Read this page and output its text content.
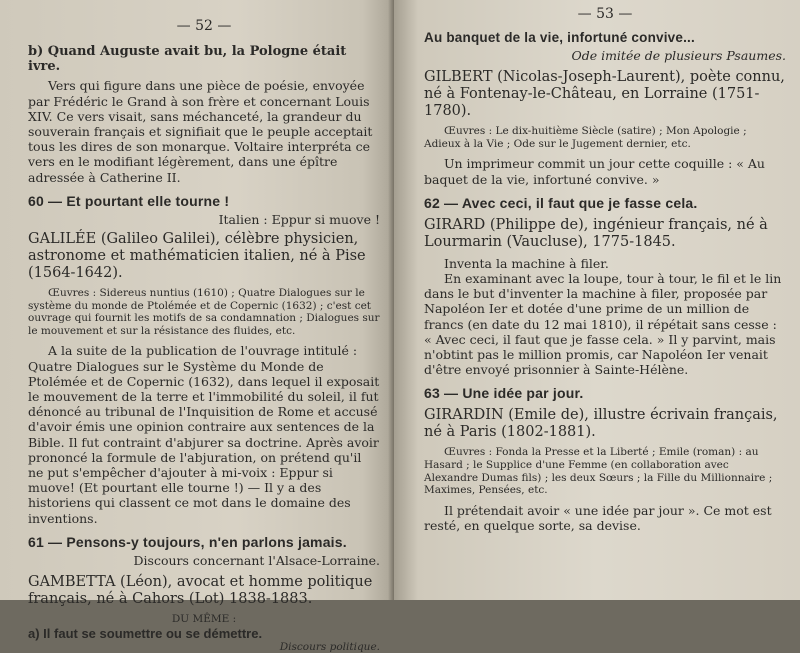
— 52 —

b) Quand Auguste avait bu, la Pologne était ivre.

Vers qui figure dans une pièce de poésie, envoyée par Frédéric le Grand à son frère et concernant Louis XIV. Ce vers visait, sans méchanceté, la grandeur du souverain français et signifiait que le peuple acceptait tous les dires de son monarque. Voltaire interpréta ce vers en le modifiant légèrement, dans une épître adressée à Catherine II.

60 — Et pourtant elle tourne !

Italien : Eppur si muove !

GALILÉE (Galileo Galilei), célèbre physicien, astronome et mathématicien italien, né à Pise (1564-1642).

Œuvres : Sidereus nuntius (1610) ; Quatre Dialogues sur le système du monde de Ptolémée et de Copernic (1632) ; c'est cet ouvrage qui fournit les motifs de sa condamnation ; Dialogues sur le mouvement et sur la résistance des fluides, etc.

A la suite de la publication de l'ouvrage intitulé : Quatre Dialogues sur le Système du Monde de Ptolémée et de Copernic (1632), dans lequel il exposait le mouvement de la terre et l'immobilité du soleil, il fut dénoncé au tribunal de l'Inquisition de Rome et accusé d'avoir émis une opinion contraire aux sentences de la Bible. Il fut contraint d'abjurer sa doctrine. Après avoir prononcé la formule de l'abjuration, on prétend qu'il ne put s'empêcher d'ajouter à mi-voix : Eppur si muove! (Et pourtant elle tourne !) — Il y a des historiens qui classent ce mot dans le domaine des inventions.

61 — Pensons-y toujours, n'en parlons jamais.

Discours concernant l'Alsace-Lorraine.

GAMBETTA (Léon), avocat et homme politique français, né à Cahors (Lot) 1838-1883.

DU MÊME :

a) Il faut se soumettre ou se démettre.

Discours politique.

— 53 —

Au banquet de la vie, infortuné convive...

Ode imitée de plusieurs Psaumes.

GILBERT (Nicolas-Joseph-Laurent), poète connu, né à Fontenay-le-Château, en Lorraine (1751-1780).

Œuvres : Le dix-huitième Siècle (satire) ; Mon Apologie ; Adieux à la Vie ; Ode sur le Jugement dernier, etc.

Un imprimeur commit un jour cette coquille : « Au baquet de la vie, infortuné convive. »

62 — Avec ceci, il faut que je fasse cela.

GIRARD (Philippe de), ingénieur français, né à Lourmarin (Vaucluse), 1775-1845.

Inventa la machine à filer.

En examinant avec la loupe, tour à tour, le fil et le lin dans le but d'inventer la machine à filer, proposée par Napoléon Ier et dotée d'une prime de un million de francs (en date du 12 mai 1810), il répétait sans cesse : « Avec ceci, il faut que je fasse cela. » Il y parvint, mais n'obtint pas le million promis, car Napoléon Ier venait d'être envoyé prisonnier à Sainte-Hélène.

63 — Une idée par jour.

GIRARDIN (Emile de), illustre écrivain français, né à Paris (1802-1881).

Œuvres : Fonda la Presse et la Liberté ; Emile (roman) : au Hasard ; le Supplice d'une Femme (en collaboration avec Alexandre Dumas fils) ; les deux Sœurs ; la Fille du Millionnaire ; Maximes, Pensées, etc.

Il prétendait avoir « une idée par jour ». Ce mot est resté, en quelque sorte, sa devise.
